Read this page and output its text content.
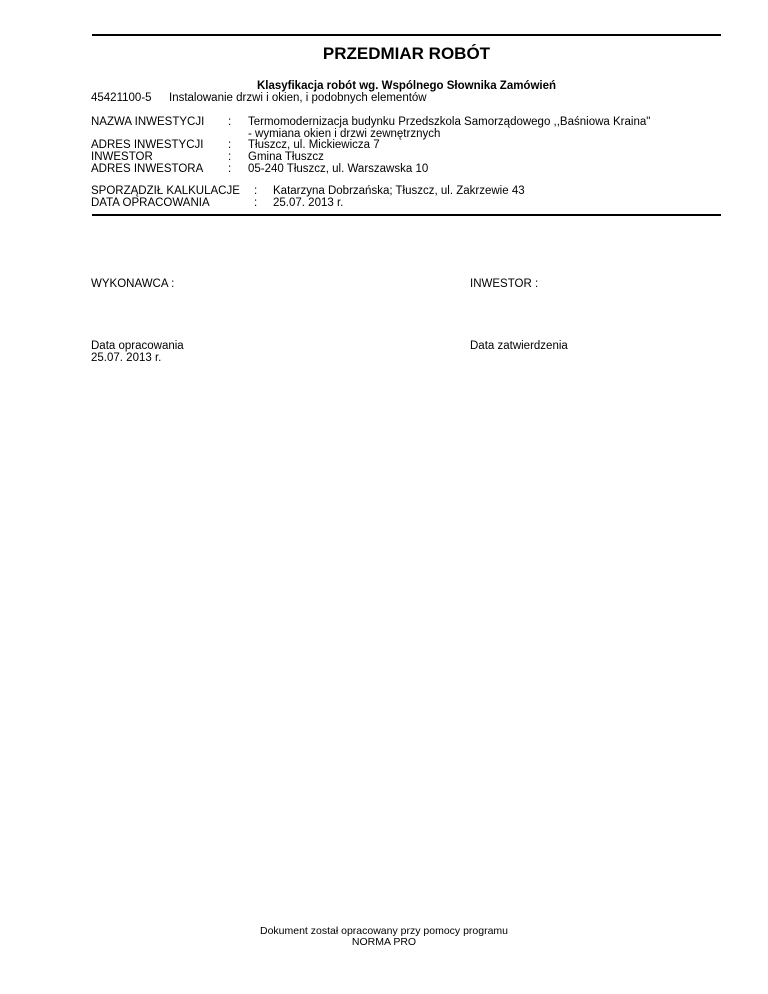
PRZEDMIAR ROBÓT
Klasyfikacja robót wg. Wspólnego Słownika Zamówień
45421100-5 Instalowanie drzwi i okien, i podobnych elementów
NAZWA INWESTYCJI : Termomodernizacja budynku Przedszkola Samorządowego ,,Baśniowa Kraina"
- wymiana okien i drzwi zewnętrznych
ADRES INWESTYCJI : Tłuszcz, ul. Mickiewicza 7
INWESTOR	: Gmina Tłuszcz
ADRES INWESTORA : 05-240 Tłuszcz, ul. Warszawska 10
SPORZĄDZIŁ KALKULACJE : Katarzyna Dobrzańska; Tłuszcz, ul. Zakrzewie 43
DATA OPRACOWANIA	: 25.07. 2013 r.
WYKONAWCA :	INWESTOR :
Data opracowania
25.07. 2013 r.
Data zatwierdzenia
Dokument został opracowany przy pomocy programu
NORMA PRO
